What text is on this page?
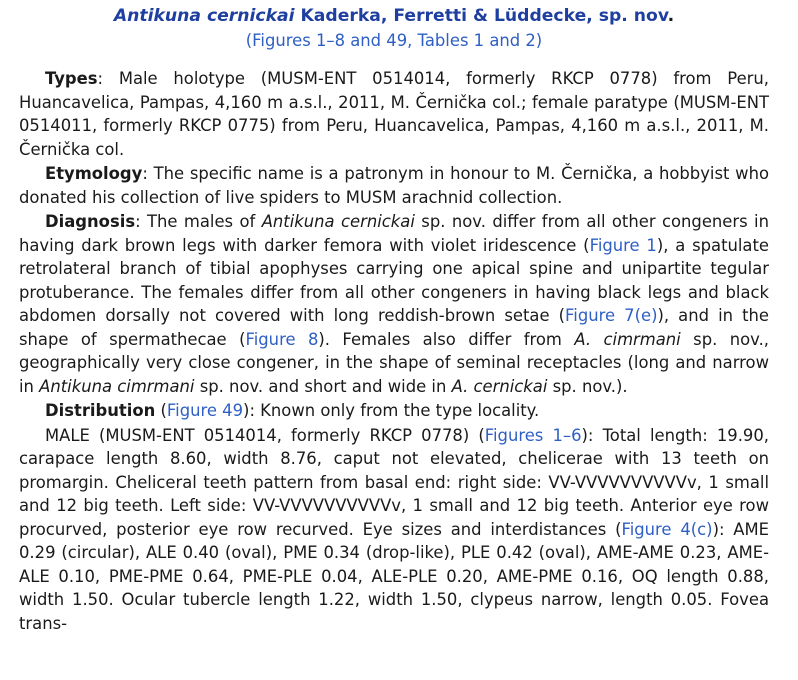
Antikuna cernickai Kaderka, Ferretti & Lüddecke, sp. nov.
(Figures 1–8 and 49, Tables 1 and 2)

Types: Male holotype (MUSM-ENT 0514014, formerly RKCP 0778) from Peru, Huancavelica, Pampas, 4,160 m a.s.l., 2011, M. Černička col.; female paratype (MUSM-ENT 0514011, formerly RKCP 0775) from Peru, Huancavelica, Pampas, 4,160 m a.s.l., 2011, M. Černička col.

Etymology: The specific name is a patronym in honour to M. Černička, a hobbyist who donated his collection of live spiders to MUSM arachnid collection.

Diagnosis: The males of Antikuna cernickai sp. nov. differ from all other congeners in having dark brown legs with darker femora with violet iridescence (Figure 1), a spatulate retrolateral branch of tibial apophyses carrying one apical spine and unipartite tegular protuberance. The females differ from all other congeners in having black legs and black abdomen dorsally not covered with long reddish-brown setae (Figure 7(e)), and in the shape of spermathecae (Figure 8). Females also differ from A. cimrmani sp. nov., geographically very close congener, in the shape of seminal receptacles (long and narrow in Antikuna cimrmani sp. nov. and short and wide in A. cernickai sp. nov.).

Distribution (Figure 49): Known only from the type locality.

MALE (MUSM-ENT 0514014, formerly RKCP 0778) (Figures 1–6): Total length: 19.90, carapace length 8.60, width 8.76, caput not elevated, chelicerae with 13 teeth on promargin. Cheliceral teeth pattern from basal end: right side: VV-VVVVVVVVVVv, 1 small and 12 big teeth. Left side: VV-VVVVVVVVVVv, 1 small and 12 big teeth. Anterior eye row procurved, posterior eye row recurved. Eye sizes and interdistances (Figure 4(c)): AME 0.29 (circular), ALE 0.40 (oval), PME 0.34 (drop-like), PLE 0.42 (oval), AME-AME 0.23, AME-ALE 0.10, PME-PME 0.64, PME-PLE 0.04, ALE-PLE 0.20, AME-PME 0.16, OQ length 0.88, width 1.50. Ocular tubercle length 1.22, width 1.50, clypeus narrow, length 0.05. Fovea trans-
